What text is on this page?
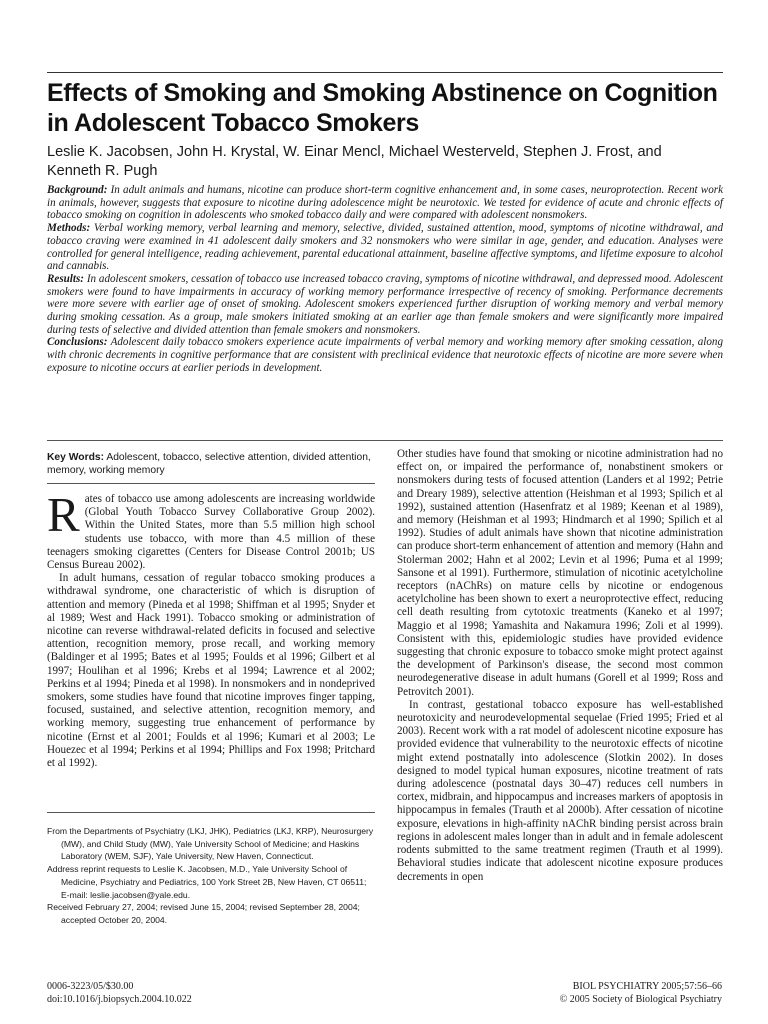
Effects of Smoking and Smoking Abstinence on Cognition in Adolescent Tobacco Smokers

Leslie K. Jacobsen, John H. Krystal, W. Einar Mencl, Michael Westerveld, Stephen J. Frost, and Kenneth R. Pugh

Background: In adult animals and humans, nicotine can produce short-term cognitive enhancement and, in some cases, neuroprotection. Recent work in animals, however, suggests that exposure to nicotine during adolescence might be neurotoxic. We tested for evidence of acute and chronic effects of tobacco smoking on cognition in adolescents who smoked tobacco daily and were compared with adolescent nonsmokers.

Methods: Verbal working memory, verbal learning and memory, selective, divided, sustained attention, mood, symptoms of nicotine withdrawal, and tobacco craving were examined in 41 adolescent daily smokers and 32 nonsmokers who were similar in age, gender, and education. Analyses were controlled for general intelligence, reading achievement, parental educational attainment, baseline affective symptoms, and lifetime exposure to alcohol and cannabis.

Results: In adolescent smokers, cessation of tobacco use increased tobacco craving, symptoms of nicotine withdrawal, and depressed mood. Adolescent smokers were found to have impairments in accuracy of working memory performance irrespective of recency of smoking. Performance decrements were more severe with earlier age of onset of smoking. Adolescent smokers experienced further disruption of working memory and verbal memory during smoking cessation. As a group, male smokers initiated smoking at an earlier age than female smokers and were significantly more impaired during tests of selective and divided attention than female smokers and nonsmokers.

Conclusions: Adolescent daily tobacco smokers experience acute impairments of verbal memory and working memory after smoking cessation, along with chronic decrements in cognitive performance that are consistent with preclinical evidence that neurotoxic effects of nicotine are more severe when exposure to nicotine occurs at earlier periods in development.

Key Words: Adolescent, tobacco, selective attention, divided attention, memory, working memory

Rates of tobacco use among adolescents are increasing worldwide (Global Youth Tobacco Survey Collaborative Group 2002). Within the United States, more than 5.5 million high school students use tobacco, with more than 4.5 million of these teenagers smoking cigarettes (Centers for Disease Control 2001b; US Census Bureau 2002).

In adult humans, cessation of regular tobacco smoking produces a withdrawal syndrome, one characteristic of which is disruption of attention and memory (Pineda et al 1998; Shiffman et al 1995; Snyder et al 1989; West and Hack 1991). Tobacco smoking or administration of nicotine can reverse withdrawal-related deficits in focused and selective attention, recognition memory, prose recall, and working memory (Baldinger et al 1995; Bates et al 1995; Foulds et al 1996; Gilbert et al 1997; Houlihan et al 1996; Krebs et al 1994; Lawrence et al 2002; Perkins et al 1994; Pineda et al 1998). In nonsmokers and in nondeprived smokers, some studies have found that nicotine improves finger tapping, focused, sustained, and selective attention, recognition memory, and working memory, suggesting true enhancement of performance by nicotine (Ernst et al 2001; Foulds et al 1996; Kumari et al 2003; Le Houezec et al 1994; Perkins et al 1994; Phillips and Fox 1998; Pritchard et al 1992).

Other studies have found that smoking or nicotine administration had no effect on, or impaired the performance of, nonabstinent smokers or nonsmokers during tests of focused attention (Landers et al 1992; Petrie and Dreary 1989), selective attention (Heishman et al 1993; Spilich et al 1992), sustained attention (Hasenfratz et al 1989; Keenan et al 1989), and memory (Heishman et al 1993; Hindmarch et al 1990; Spilich et al 1992). Studies of adult animals have shown that nicotine administration can produce short-term enhancement of attention and memory (Hahn and Stolerman 2002; Hahn et al 2002; Levin et al 1996; Puma et al 1999; Sansone et al 1991). Furthermore, stimulation of nicotinic acetylcholine receptors (nAChRs) on mature cells by nicotine or endogenous acetylcholine has been shown to exert a neuroprotective effect, reducing cell death resulting from cytotoxic treatments (Kaneko et al 1997; Maggio et al 1998; Yamashita and Nakamura 1996; Zoli et al 1999). Consistent with this, epidemiologic studies have provided evidence suggesting that chronic exposure to tobacco smoke might protect against the development of Parkinson's disease, the second most common neurodegenerative disease in adult humans (Gorell et al 1999; Ross and Petrovitch 2001).

In contrast, gestational tobacco exposure has well-established neurotoxicity and neurodevelopmental sequelae (Fried 1995; Fried et al 2003). Recent work with a rat model of adolescent nicotine exposure has provided evidence that vulnerability to the neurotoxic effects of nicotine might extend postnatally into adolescence (Slotkin 2002). In doses designed to model typical human exposures, nicotine treatment of rats during adolescence (postnatal days 30–47) reduces cell numbers in cortex, midbrain, and hippocampus and increases markers of apoptosis in hippocampus in females (Trauth et al 2000b). After cessation of nicotine exposure, elevations in high-affinity nAChR binding persist across brain regions in adolescent males longer than in adult and in female adolescent rodents submitted to the same treatment regimen (Trauth et al 1999). Behavioral studies indicate that adolescent nicotine exposure produces decrements in open

From the Departments of Psychiatry (LKJ, JHK), Pediatrics (LKJ, KRP), Neurosurgery (MW), and Child Study (MW), Yale University School of Medicine; and Haskins Laboratory (WEM, SJF), Yale University, New Haven, Connecticut.

Address reprint requests to Leslie K. Jacobsen, M.D., Yale University School of Medicine, Psychiatry and Pediatrics, 100 York Street 2B, New Haven, CT 06511; E-mail: leslie.jacobsen@yale.edu.

Received February 27, 2004; revised June 15, 2004; revised September 28, 2004; accepted October 20, 2004.

0006-3223/05/$30.00
doi:10.1016/j.biopsych.2004.10.022
BIOL PSYCHIATRY 2005;57:56–66
© 2005 Society of Biological Psychiatry
